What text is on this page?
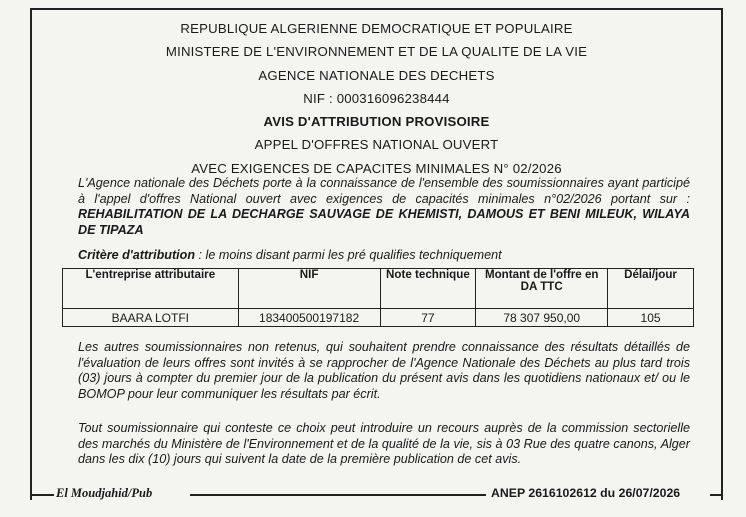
REPUBLIQUE ALGERIENNE DEMOCRATIQUE ET POPULAIRE
MINISTERE DE L'ENVIRONNEMENT ET DE LA QUALITE DE LA VIE
AGENCE NATIONALE DES DECHETS
NIF : 000316096238444
AVIS D'ATTRIBUTION PROVISOIRE
APPEL D'OFFRES NATIONAL OUVERT
AVEC EXIGENCES DE CAPACITES MINIMALES N° 02/2026
L'Agence nationale des Déchets porte à la connaissance de l'ensemble des soumissionnaires ayant participé à l'appel d'offres National ouvert avec exigences de capacités minimales n°02/2026 portant sur : REHABILITATION DE LA DECHARGE SAUVAGE DE KHEMISTI, DAMOUS ET BENI MILEUK, WILAYA DE TIPAZA
Critère d'attribution : le moins disant parmi les pré qualifies techniquement
L'entreprise attributaire	NIF	Note technique	Montant de l'offre en DA TTC	Délai/jour
BAARA LOTFI	183400500197182	77	78 307 950,00	105
Les autres soumissionnaires non retenus, qui souhaitent prendre connaissance des résultats détaillés de l'évaluation de leurs offres sont invités à se rapprocher de l'Agence Nationale des Déchets au plus tard trois (03) jours à compter du premier jour de la publication du présent avis dans les quotidiens nationaux et/ ou le BOMOP pour leur communiquer les résultats par écrit.
Tout soumissionnaire qui conteste ce choix peut introduire un recours auprès de la commission sectorielle des marchés du Ministère de l'Environnement et de la qualité de la vie, sis à 03 Rue des quatre canons, Alger dans les dix (10) jours qui suivent la date de la première publication de cet avis.
El Moudjahid/Pub	ANEP 2616102612 du 26/07/2026
